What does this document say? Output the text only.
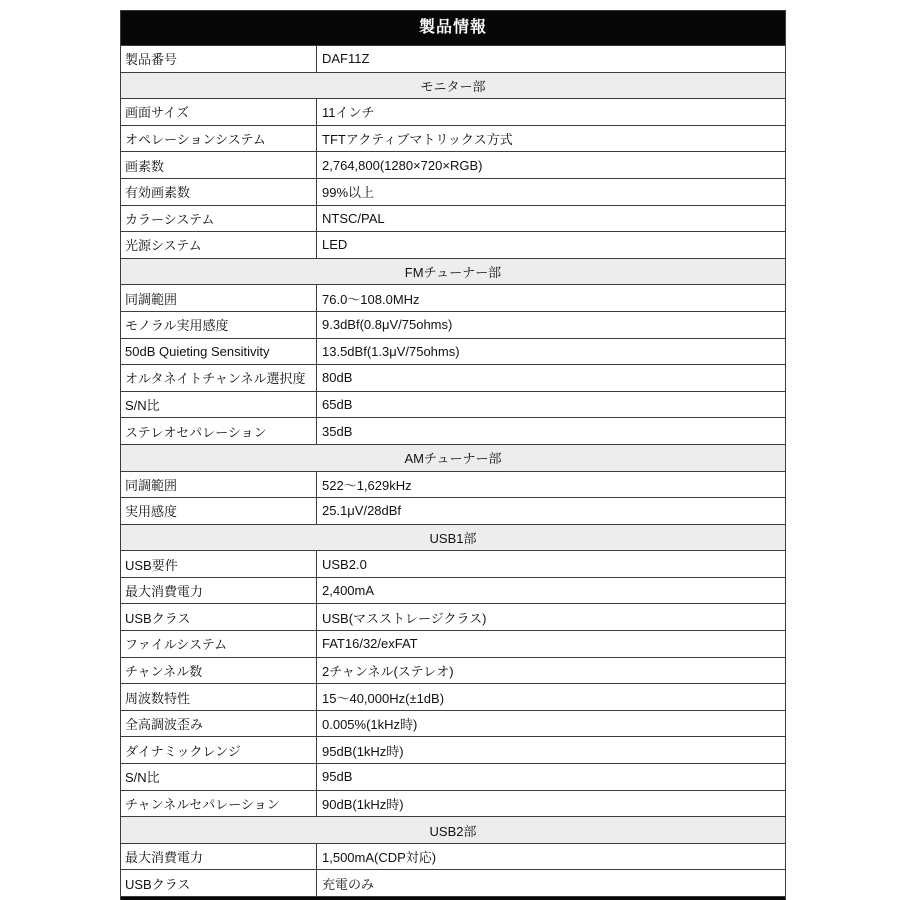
製品情報
製品番号	DAF11Z
モニター部
画面サイズ	11インチ
オペレーションシステム	TFTアクティブマトリックス方式
画素数	2,764,800(1280×720×RGB)
有効画素数	99%以上
カラーシステム	NTSC/PAL
光源システム	LED
FMチューナー部
同調範囲	76.0〜108.0MHz
モノラル実用感度	9.3dBf(0.8μV/75ohms)
50dB Quieting Sensitivity	13.5dBf(1.3μV/75ohms)
オルタネイトチャンネル選択度	80dB
S/N比	65dB
ステレオセパレーション	35dB
AMチューナー部
同調範囲	522〜1,629kHz
実用感度	25.1μV/28dBf
USB1部
USB要件	USB2.0
最大消費電力	2,400mA
USBクラス	USB(マスストレージクラス)
ファイルシステム	FAT16/32/exFAT
チャンネル数	2チャンネル(ステレオ)
周波数特性	15〜40,000Hz(±1dB)
全高調波歪み	0.005%(1kHz時)
ダイナミックレンジ	95dB(1kHz時)
S/N比	95dB
チャンネルセパレーション	90dB(1kHz時)
USB2部
最大消費電力	1,500mA(CDP対応)
USBクラス	充電のみ
